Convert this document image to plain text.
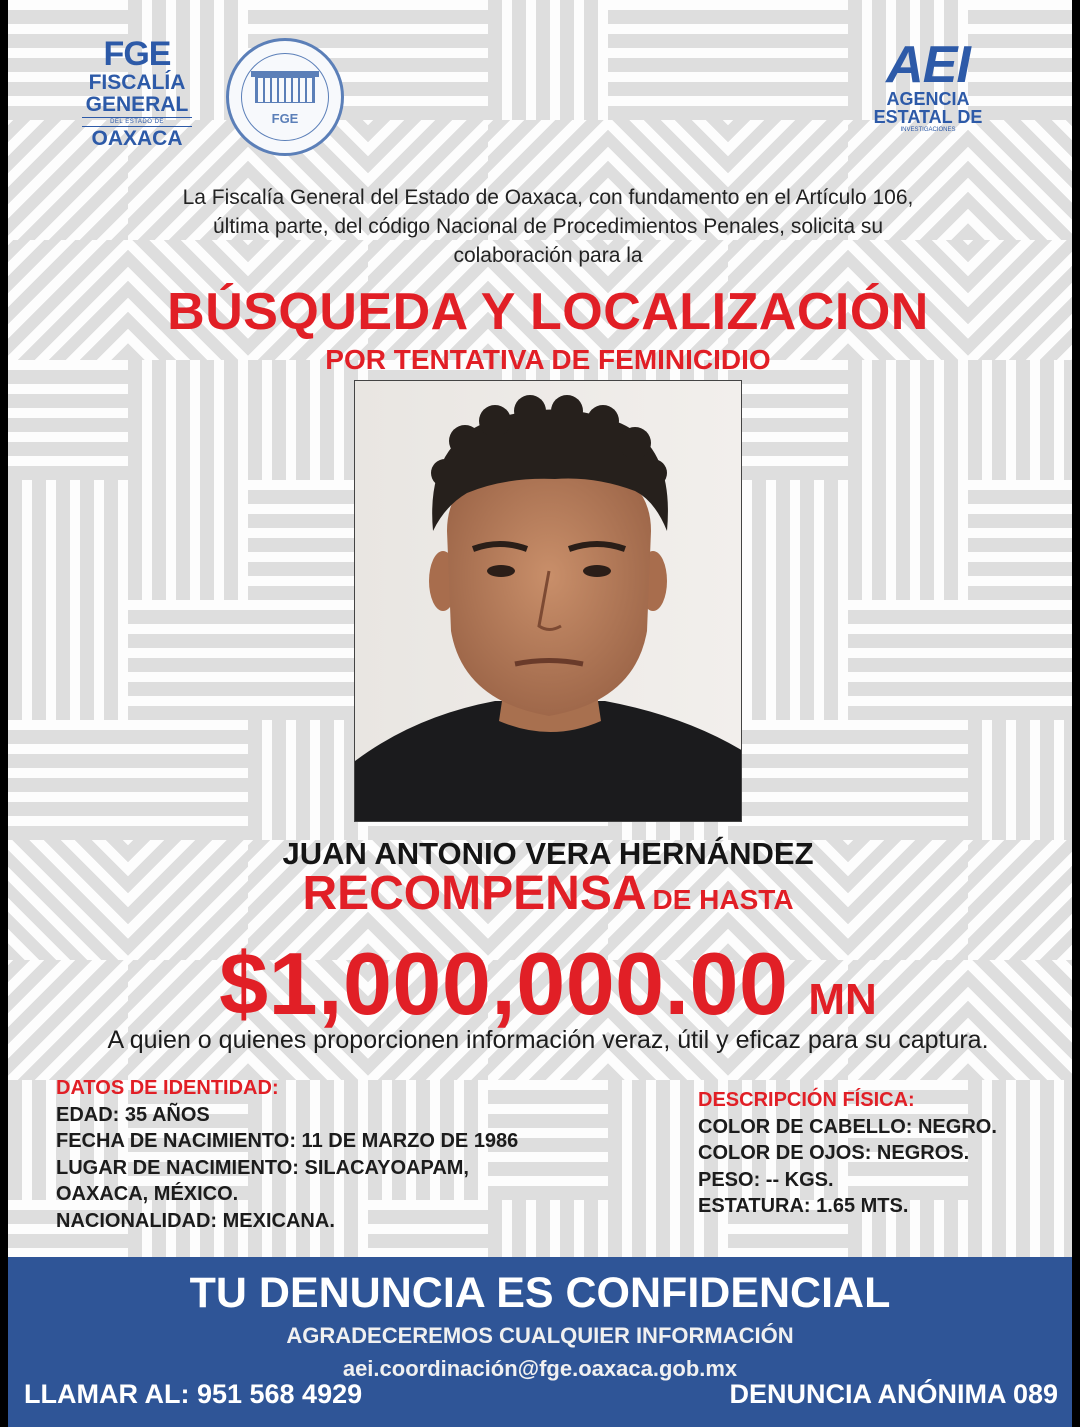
FGE
FISCALÍA
GENERAL
DEL ESTADO DE
OAXACA
FGE
AEI
AGENCIA
ESTATAL DE
INVESTIGACIONES
La Fiscalía General del Estado de Oaxaca, con fundamento en el Artículo 106,
última parte, del código Nacional de Procedimientos Penales, solicita su
colaboración para la
BÚSQUEDA Y LOCALIZACIÓN
POR TENTATIVA DE FEMINICIDIO
JUAN ANTONIO VERA HERNÁNDEZ
RECOMPENSA DE HASTA
$1,000,000.00 MN
A quien o quienes proporcionen información veraz, útil y eficaz para su captura.
DATOS DE IDENTIDAD:
EDAD: 35 AÑOS
FECHA DE NACIMIENTO: 11 DE MARZO DE 1986
LUGAR DE NACIMIENTO: SILACAYOAPAM,
OAXACA, MÉXICO.
NACIONALIDAD: MEXICANA.
DESCRIPCIÓN FÍSICA:
COLOR DE CABELLO: NEGRO.
COLOR DE OJOS: NEGROS.
PESO: -- KGS.
ESTATURA: 1.65 MTS.
TU DENUNCIA ES CONFIDENCIAL
AGRADECEREMOS CUALQUIER INFORMACIÓN
aei.coordinación@fge.oaxaca.gob.mx
LLAMAR AL: 951 568 4929	DENUNCIA ANÓNIMA 089
